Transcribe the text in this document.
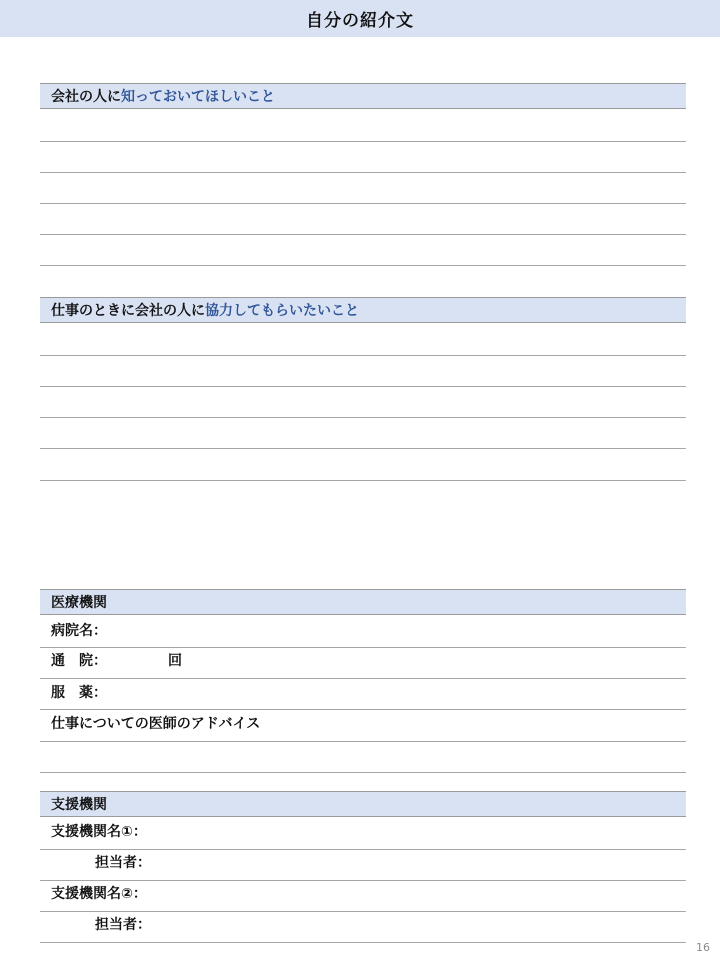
自分の紹介文
会社の人に 知っておいてほしいこと
仕事のときに会社の人に 協力してもらいたいこと
医療機関
病院名：
通　院：	回
服　薬：
仕事についての医師のアドバイス
支援機関
支援機関名①：
担当者：
支援機関名②：
担当者：
16
